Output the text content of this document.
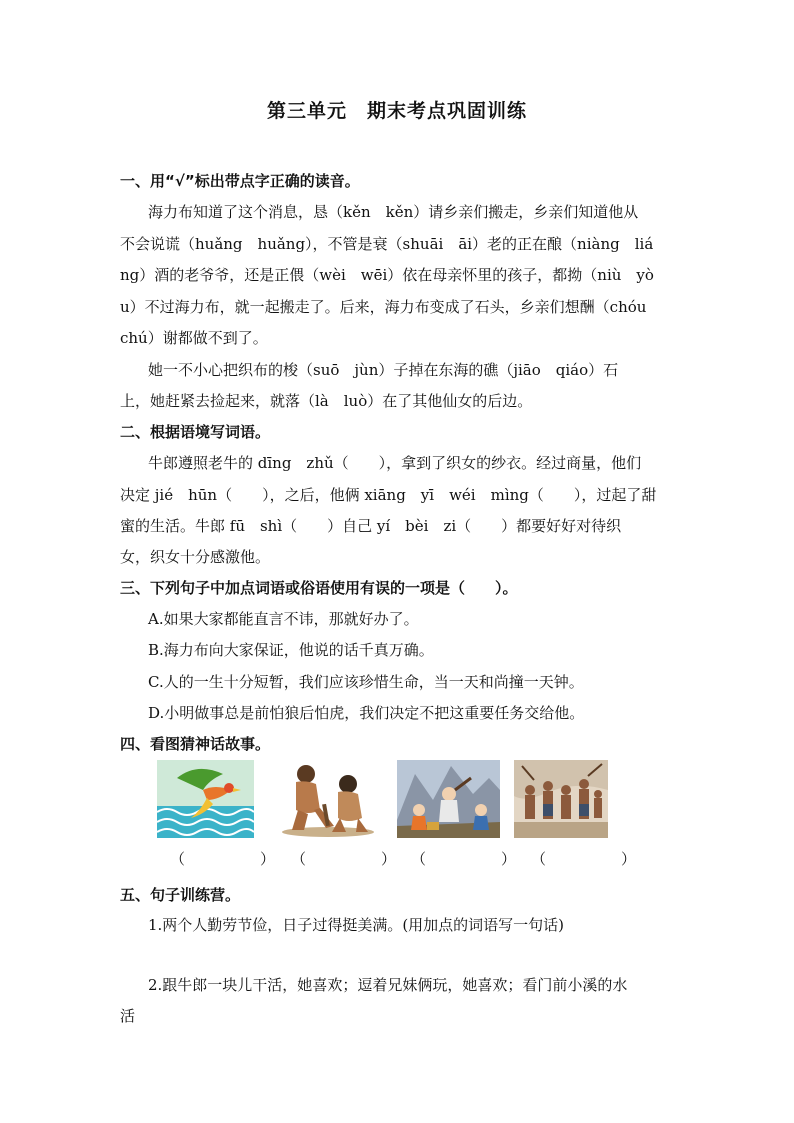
第三单元　期末考点巩固训练
一、用“√”标出带点字正确的读音。
海力布知道了这个消息，恳（kěn　kěn）请乡亲们搬走，乡亲们知道他从
不会说谎（huǎng　huǎng），不管是衰（shuāi　āi）老的正在酿（niàng　liá
ng）酒的老爷爷，还是正偎（wèi　wēi）依在母亲怀里的孩子，都拗（niù　yò
u）不过海力布，就一起搬走了。后来，海力布变成了石头，乡亲们想酬（chóu
chú）谢都做不到了。
她一不小心把织布的梭（suō　jùn）子掉在东海的礁（jiāo　qiáo）石
上，她赶紧去捡起来，就落（là　luò）在了其他仙女的后边。
二、根据语境写词语。
牛郎遵照老牛的 dīng　zhǔ（　　），拿到了织女的纱衣。经过商量，他们
决定 jié　hūn（　　），之后，他俩 xiāng　yī　wéi　mìng（　　），过起了甜
蜜的生活。牛郎 fū　shì（　　）自己 yí　bèi　zi（　　）都要好好对待织
女，织女十分感激他。
三、下列句子中加点词语或俗语使用有误的一项是（　　）。
A.如果大家都能直言不讳，那就好办了。
B.海力布向大家保证，他说的话千真万确。
C.人的一生十分短暂，我们应该珍惜生命，当一天和尚撞一天钟。
D.小明做事总是前怕狼后怕虎，我们决定不把这重要任务交给他。
四、看图猜神话故事。
（　　　　　） （　　　　　） （　　　　　） （　　　　　）
五、句子训练营。
1.两个人勤劳节俭，日子过得挺美满。(用加点的词语写一句话)
2.跟牛郎一块儿干活，她喜欢；逗着兄妹俩玩，她喜欢；看门前小溪的水
活
